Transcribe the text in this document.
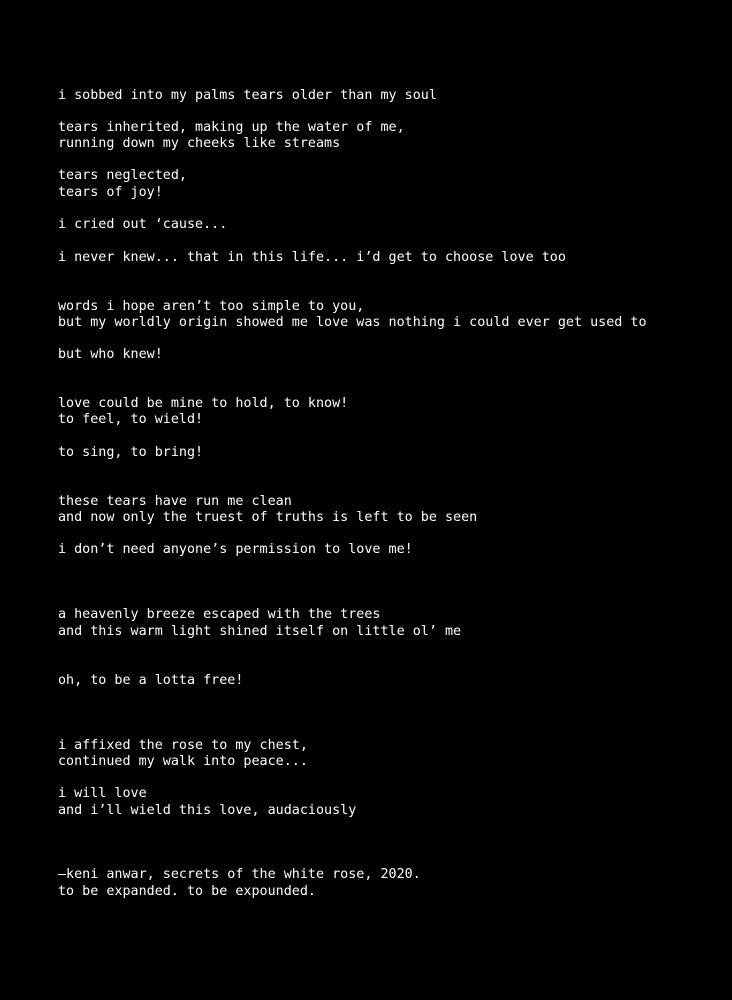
i sobbed into my palms tears older than my soul

tears inherited, making up the water of me,

running down my cheeks like streams

tears neglected,

tears of joy!

i cried out ‘cause...

i never knew... that in this life... i’d get to choose love too

words i hope aren’t too simple to you,

but my worldly origin showed me love was nothing i could ever get used to

but who knew!

love could be mine to hold, to know!

to feel, to wield!

to sing, to bring!

these tears have run me clean

and now only the truest of truths is left to be seen

i don’t need anyone’s permission to love me!

a heavenly breeze escaped with the trees

and this warm light shined itself on little ol’ me

oh, to be a lotta free!

i affixed the rose to my chest,

continued my walk into peace...

i will love

and i’ll wield this love, audaciously

—keni anwar, secrets of the white rose, 2020.

to be expanded. to be expounded.
